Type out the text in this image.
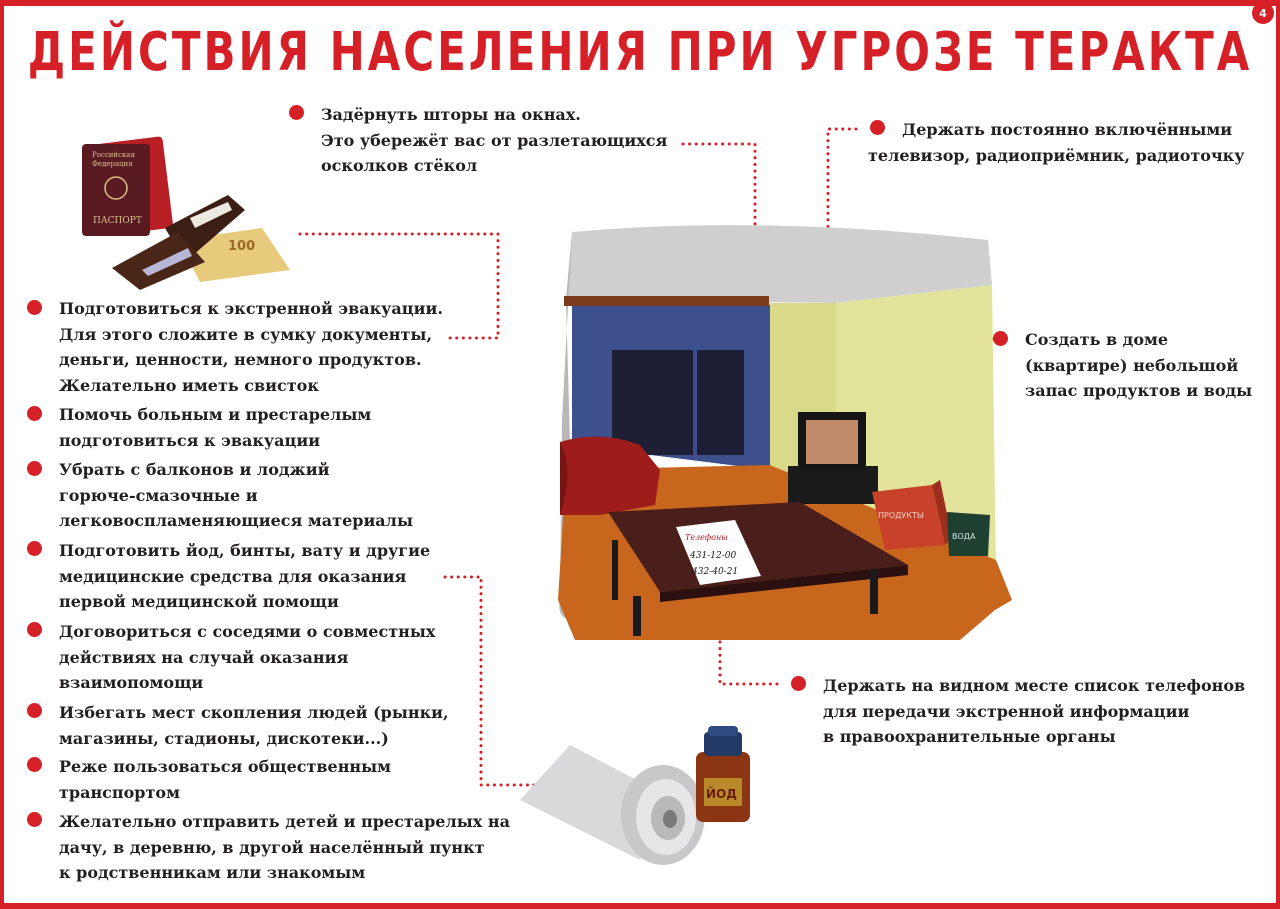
4
ДЕЙСТВИЯ НАСЕЛЕНИЯ ПРИ УГРОЗЕ ТЕРАКТА
Телефоны
431-12-00
432-40-21
ПРОДУКТЫ
ВОДА
Российская
Федерация
ПАСПОРТ
100
ЙОД
Задёрнуть шторы на окнах.
Это убережёт вас от разлетающихся
осколков стёкол
Держать постоянно включёнными
телевизор, радиоприёмник, радиоточку
Создать в доме
(квартире) небольшой
запас продуктов и воды
Подготовиться к экстренной эвакуации.
Для этого сложите в сумку документы,
деньги, ценности, немного продуктов.
Желательно иметь свисток
Помочь больным и престарелым
подготовиться к эвакуации
Убрать с балконов и лоджий
горюче-смазочные и
легковоспламеняющиеся материалы
Подготовить йод, бинты, вату и другие
медицинские средства для оказания
первой медицинской помощи
Договориться с соседями о совместных
действиях на случай оказания
взаимопомощи
Избегать мест скопления людей (рынки,
магазины, стадионы, дискотеки...)
Реже пользоваться общественным
транспортом
Желательно отправить детей и престарелых на
дачу, в деревню, в другой населённый пункт
к родственникам или знакомым
Держать на видном месте список телефонов
для передачи экстренной информации
в правоохранительные органы
